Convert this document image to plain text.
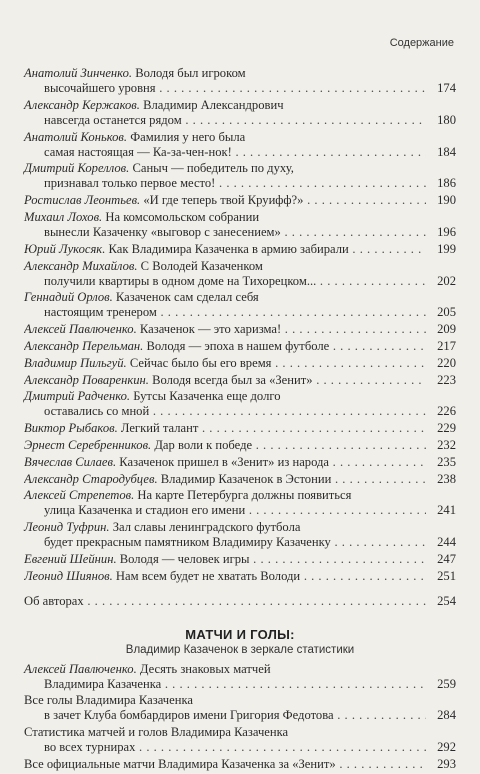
Содержание
Анатолий Зинченко. Володя был игроком
высочайшего уровня . . .	174
Александр Кержаков. Владимир Александрович
навсегда останется рядом . . .	180
Анатолий Коньков. Фамилия у него была
самая настоящая — Ка-за-чен-нок! . . .	184
Дмитрий Кореллов. Саныч — победитель по духу,
признавал только первое место! . . .	186
Ростислав Леонтьев. «И где теперь твой Круифф?» . . .	190
Михаил Лохов. На комсомольском собрании
вынесли Казаченку «выговор с занесением» . . .	196
Юрий Лукосяк. Как Владимира Казаченка в армию забирали . . .	199
Александр Михайлов. С Володей Казаченком
получили квартиры в одном доме на Тихорецком... . . .	202
Геннадий Орлов. Казаченок сам сделал себя
настоящим тренером . . .	205
Алексей Павлюченко. Казаченок — это харизма! . . .	209
Александр Перельман. Володя — эпоха в нашем футболе . . .	217
Владимир Пильгуй. Сейчас было бы его время . . .	220
Александр Поваренкин. Володя всегда был за «Зенит» . . .	223
Дмитрий Радченко. Бутсы Казаченка еще долго
оставались со мной . . .	226
Виктор Рыбаков. Легкий талант . . .	229
Эрнест Серебренников. Дар воли к победе . . .	232
Вячеслав Силаев. Казаченок пришел в «Зенит» из народа . . .	235
Александр Стародубцев. Владимир Казаченок в Эстонии . . .	238
Алексей Стрепетов. На карте Петербурга должны появиться
улица Казаченка и стадион его имени . . .	241
Леонид Туфрин. Зал славы ленинградского футбола
будет прекрасным памятником Владимиру Казаченку . . .	244
Евгений Шейнин. Володя — человек игры . . .	247
Леонид Шиянов. Нам всем будет не хватать Володи . . .	251
Об авторах . . .	254
МАТЧИ И ГОЛЫ:
Владимир Казаченок в зеркале статистики
Алексей Павлюченко. Десять знаковых матчей
Владимира Казаченка . . .	259
Все голы Владимира Казаченка
в зачет Клуба бомбардиров имени Григория Федотова . . .	284
Статистика матчей и голов Владимира Казаченка
во всех турнирах . . .	292
Все официальные матчи Владимира Казаченка за «Зенит» . . .	293
